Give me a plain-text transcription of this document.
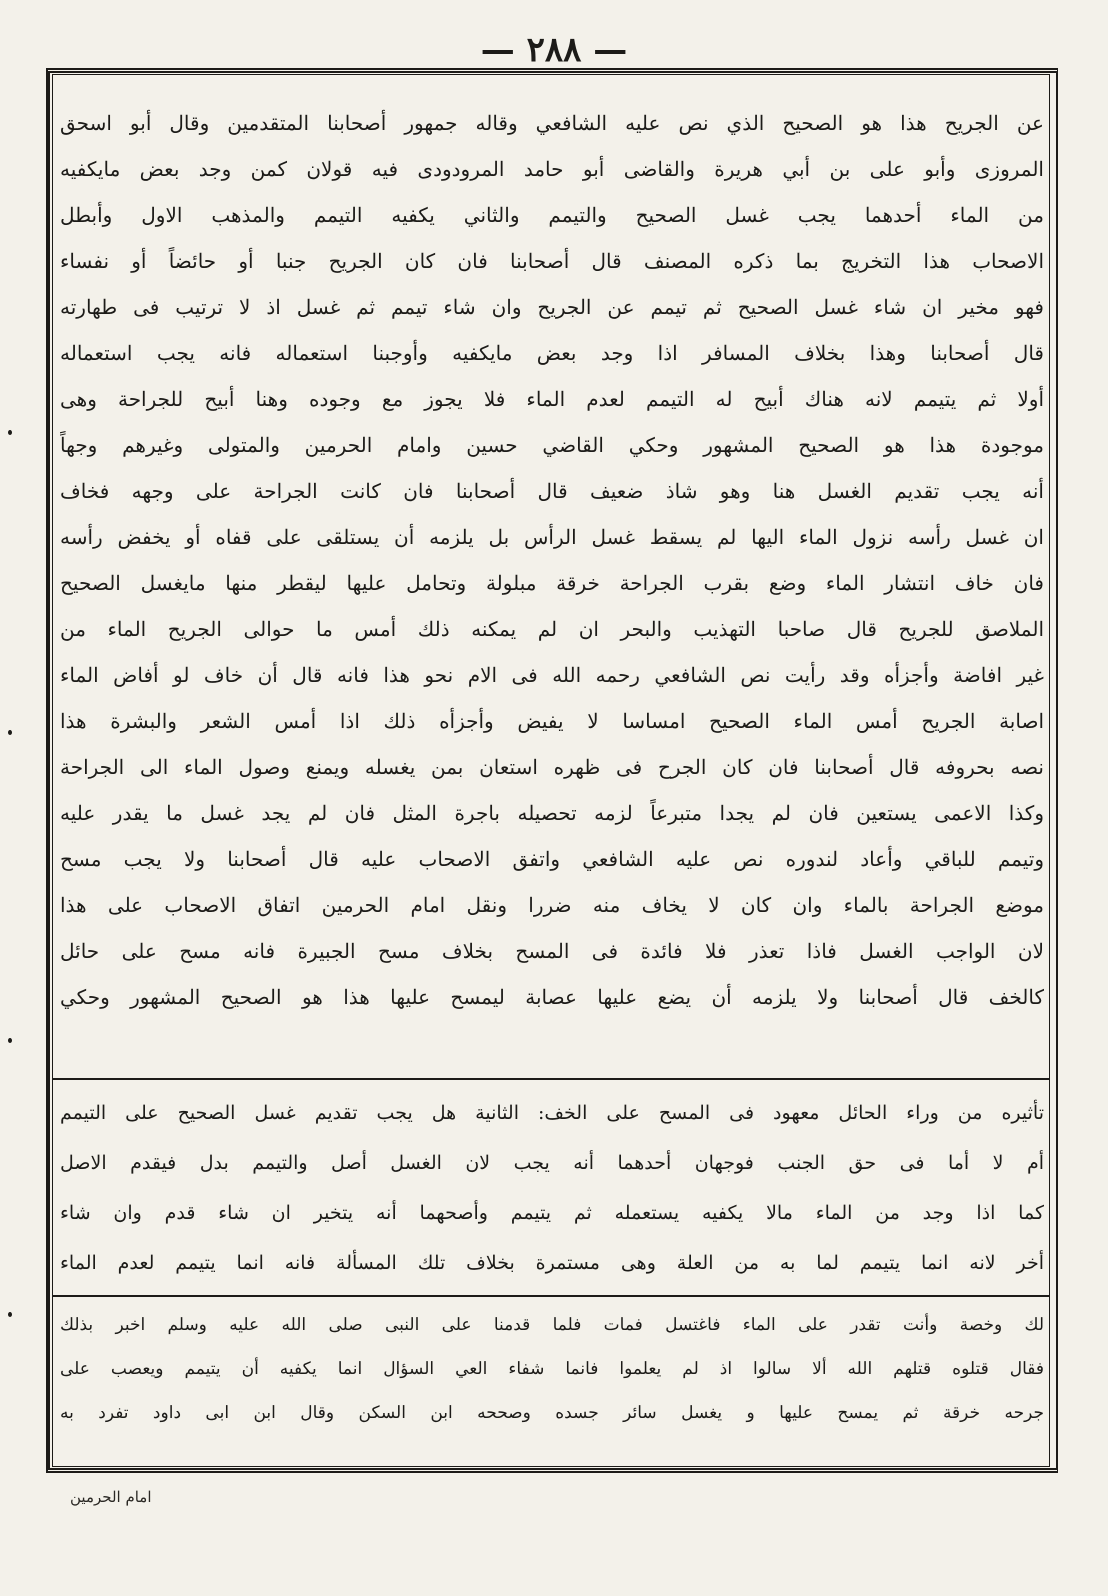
— ٢٨٨ —
عن الجريح هذا هو الصحيح الذي نص عليه الشافعي وقاله جمهور أصحابنا المتقدمين وقال أبو اسحق
المروزى وأبو على بن أبي هريرة والقاضى أبو حامد المرودودى فيه قولان كمن وجد بعض مايكفيه
من الماء أحدهما يجب غسل الصحيح والتيمم والثاني يكفيه التيمم والمذهب الاول وأبطل
الاصحاب هذا التخريج بما ذكره المصنف قال أصحابنا فان كان الجريح جنبا أو حائضاً أو نفساء
فهو مخير ان شاء غسل الصحيح ثم تيمم عن الجريح وان شاء تيمم ثم غسل اذ لا ترتيب فى طهارته
قال أصحابنا وهذا بخلاف المسافر اذا وجد بعض مايكفيه وأوجبنا استعماله فانه يجب استعماله
أولا ثم يتيمم لانه هناك أبيح له التيمم لعدم الماء فلا يجوز مع وجوده وهنا أبيح للجراحة وهى
موجودة هذا هو الصحيح المشهور وحكي القاضي حسين وامام الحرمين والمتولى وغيرهم وجهاً
أنه يجب تقديم الغسل هنا وهو شاذ ضعيف قال أصحابنا فان كانت الجراحة على وجهه فخاف
ان غسل رأسه نزول الماء اليها لم يسقط غسل الرأس بل يلزمه أن يستلقى على قفاه أو يخفض رأسه
فان خاف انتشار الماء وضع بقرب الجراحة خرقة مبلولة وتحامل عليها ليقطر منها مايغسل الصحيح
الملاصق للجريح قال صاحبا التهذيب والبحر ان لم يمكنه ذلك أمس ما حوالى الجريح الماء من
غير افاضة وأجزأه وقد رأيت نص الشافعي رحمه الله فى الام نحو هذا فانه قال أن خاف لو أفاض الماء
اصابة الجريح أمس الماء الصحيح امساسا لا يفيض وأجزأه ذلك اذا أمس الشعر والبشرة هذا
نصه بحروفه قال أصحابنا فان كان الجرح فى ظهره استعان بمن يغسله ويمنع وصول الماء الى الجراحة
وكذا الاعمى يستعين فان لم يجدا متبرعاً لزمه تحصيله باجرة المثل فان لم يجد غسل ما يقدر عليه
وتيمم للباقي وأعاد لندوره نص عليه الشافعي واتفق الاصحاب عليه قال أصحابنا ولا يجب مسح
موضع الجراحة بالماء وان كان لا يخاف منه ضررا ونقل امام الحرمين اتفاق الاصحاب على هذا
لان الواجب الغسل فاذا تعذر فلا فائدة فى المسح بخلاف مسح الجبيرة فانه مسح على حائل
كالخف قال أصحابنا ولا يلزمه أن يضع عليها عصابة ليمسح عليها هذا هو الصحيح المشهور وحكي
تأثيره من وراء الحائل معهود فى المسح على الخف: الثانية هل يجب تقديم غسل الصحيح على التيمم
أم لا أما فى حق الجنب فوجهان أحدهما أنه يجب لان الغسل أصل والتيمم بدل فيقدم الاصل
كما اذا وجد من الماء مالا يكفيه يستعمله ثم يتيمم وأصحهما أنه يتخير ان شاء قدم وان شاء
أخر لانه انما يتيمم لما به من العلة وهى مستمرة بخلاف تلك المسألة فانه انما يتيمم لعدم الماء
لك وخصة وأنت تقدر على الماء فاغتسل فمات فلما قدمنا على النبى صلى الله عليه وسلم اخبر بذلك
فقال قتلوه قتلهم الله ألا سالوا اذ لم يعلموا فانما شفاء العي السؤال انما يكفيه أن يتيمم ويعصب على
جرحه خرقة ثم يمسح عليها و يغسل سائر جسده وصححه ابن السكن وقال ابن ابى داود تفرد به
امام الحرمين
